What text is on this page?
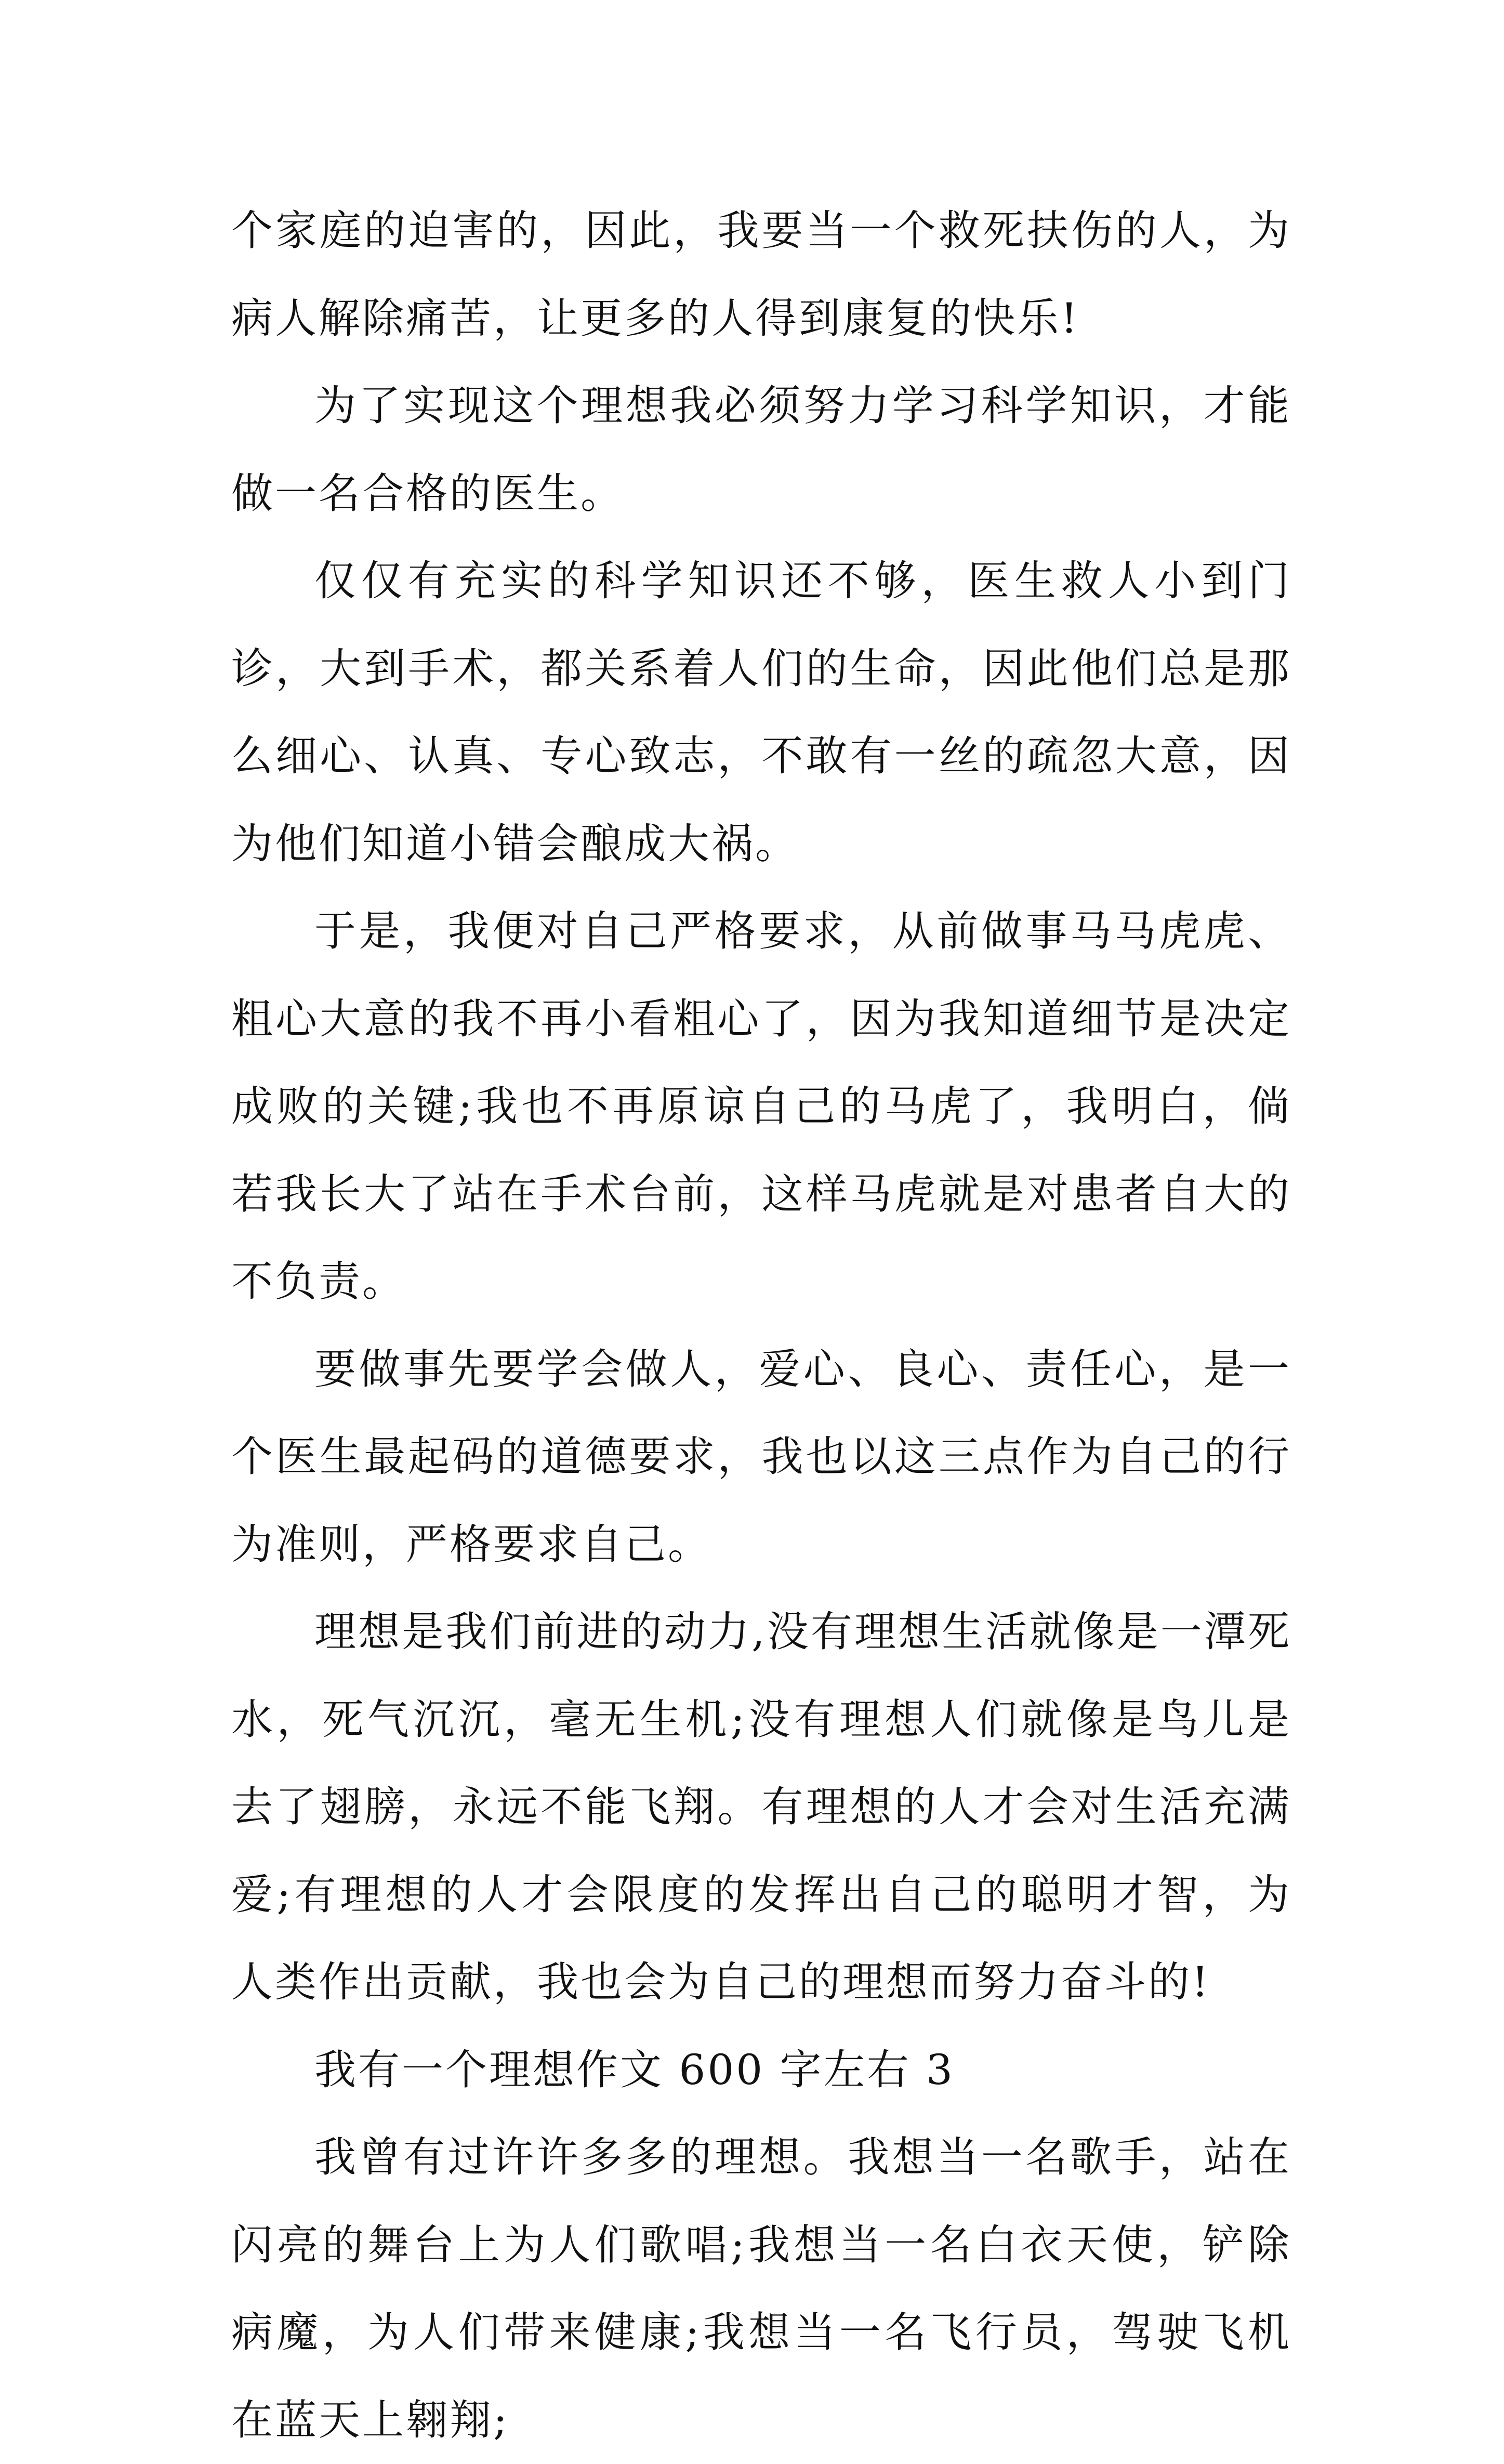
个家庭的迫害的，因此，我要当一个救死扶伤的人，为病人解除痛苦，让更多的人得到康复的快乐!

为了实现这个理想我必须努力学习科学知识，才能做一名合格的医生。

仅仅有充实的科学知识还不够，医生救人小到门诊，大到手术，都关系着人们的生命，因此他们总是那么细心、认真、专心致志，不敢有一丝的疏忽大意，因为他们知道小错会酿成大祸。

于是，我便对自己严格要求，从前做事马马虎虎、粗心大意的我不再小看粗心了，因为我知道细节是决定成败的关键;我也不再原谅自己的马虎了，我明白，倘若我长大了站在手术台前，这样马虎就是对患者自大的不负责。

要做事先要学会做人，爱心、良心、责任心，是一个医生最起码的道德要求，我也以这三点作为自己的行为准则，严格要求自己。

理想是我们前进的动力,没有理想生活就像是一潭死水，死气沉沉，毫无生机;没有理想人们就像是鸟儿是去了翅膀，永远不能飞翔。有理想的人才会对生活充满爱;有理想的人才会限度的发挥出自己的聪明才智，为人类作出贡献，我也会为自己的理想而努力奋斗的!

我有一个理想作文 600 字左右 3

我曾有过许许多多的理想。我想当一名歌手，站在闪亮的舞台上为人们歌唱;我想当一名白衣天使，铲除病魔，为人们带来健康;我想当一名飞行员，驾驶飞机在蓝天上翱翔;
